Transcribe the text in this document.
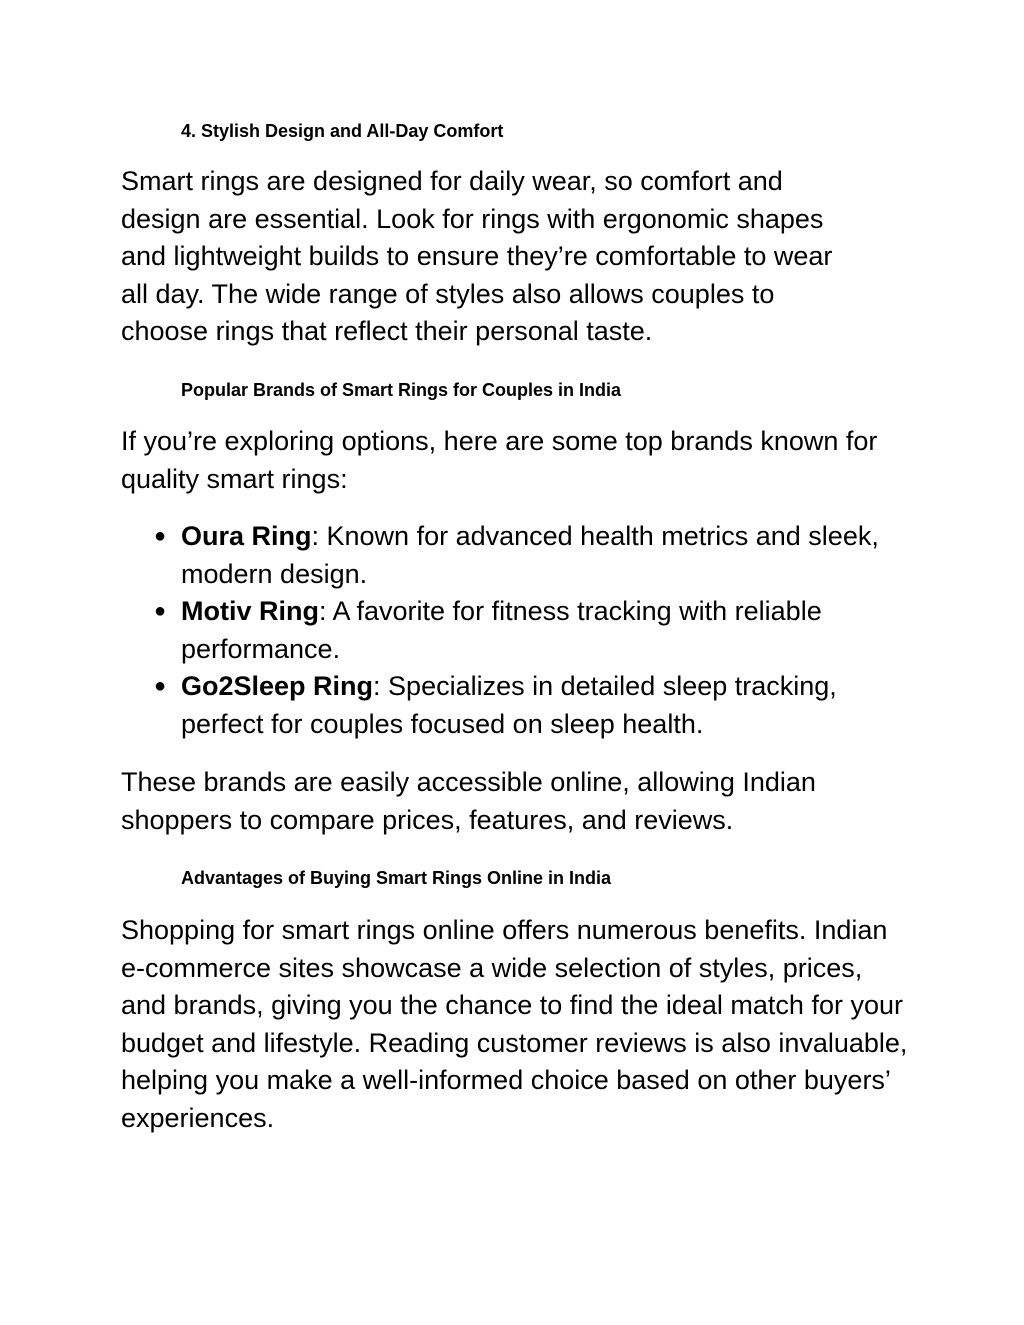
4. Stylish Design and All-Day Comfort

Smart rings are designed for daily wear, so comfort and design are essential. Look for rings with ergonomic shapes and lightweight builds to ensure they’re comfortable to wear all day. The wide range of styles also allows couples to choose rings that reflect their personal taste.

Popular Brands of Smart Rings for Couples in India

If you’re exploring options, here are some top brands known for quality smart rings:

● Oura Ring: Known for advanced health metrics and sleek, modern design.
● Motiv Ring: A favorite for fitness tracking with reliable performance.
● Go2Sleep Ring: Specializes in detailed sleep tracking, perfect for couples focused on sleep health.

These brands are easily accessible online, allowing Indian shoppers to compare prices, features, and reviews.

Advantages of Buying Smart Rings Online in India

Shopping for smart rings online offers numerous benefits. Indian e-commerce sites showcase a wide selection of styles, prices, and brands, giving you the chance to find the ideal match for your budget and lifestyle. Reading customer reviews is also invaluable, helping you make a well-informed choice based on other buyers’ experiences.
